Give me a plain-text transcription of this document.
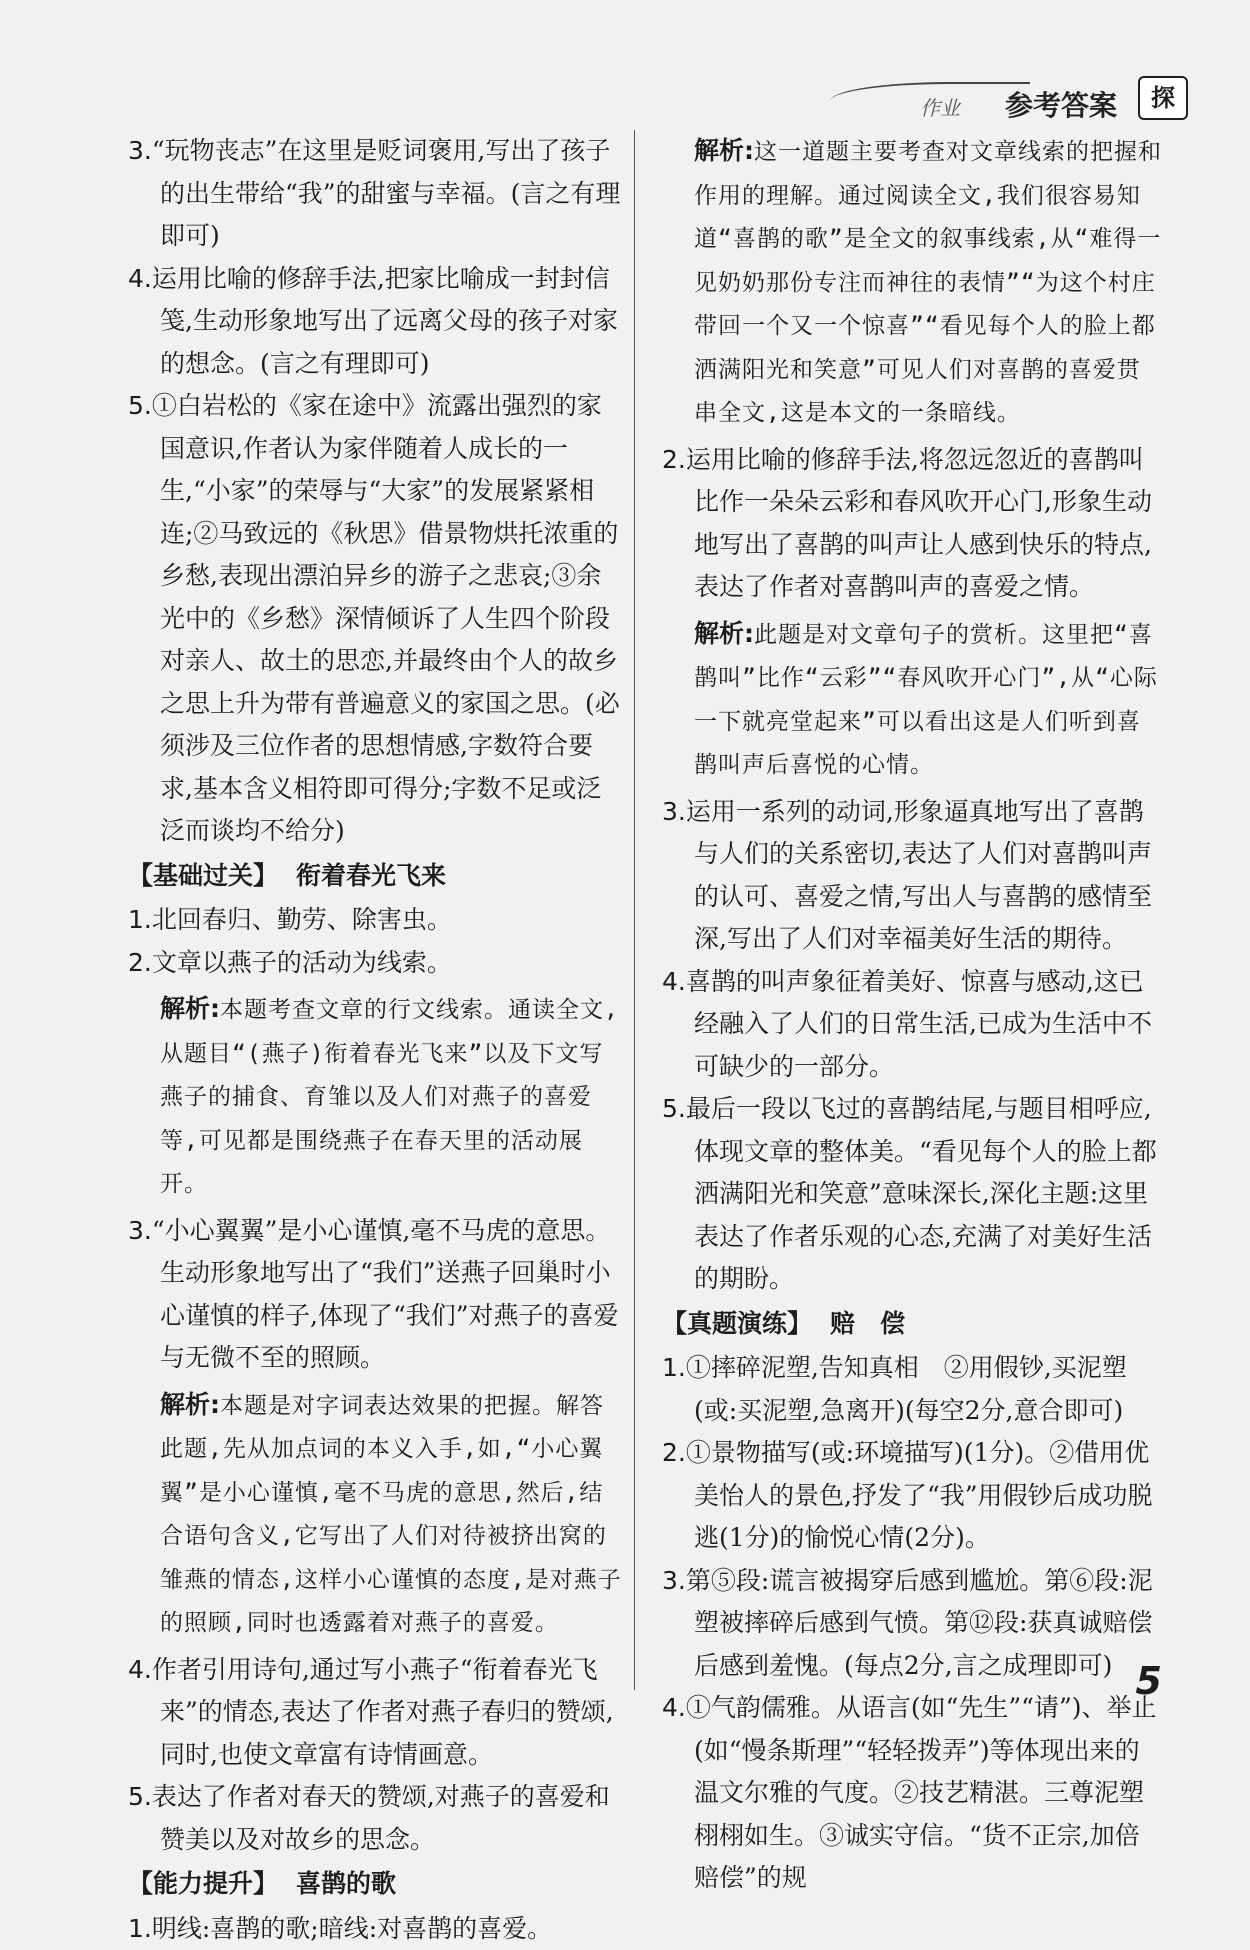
作业 参考答案	探

3.“玩物丧志”在这里是贬词褒用,写出了孩子的出生带给“我”的甜蜜与幸福。(言之有理即可)

4.运用比喻的修辞手法,把家比喻成一封封信笺,生动形象地写出了远离父母的孩子对家的想念。(言之有理即可)

5.①白岩松的《家在途中》流露出强烈的家国意识,作者认为家伴随着人成长的一生,“小家”的荣辱与“大家”的发展紧紧相连;②马致远的《秋思》借景物烘托浓重的乡愁,表现出漂泊异乡的游子之悲哀;③余光中的《乡愁》深情倾诉了人生四个阶段对亲人、故土的思恋,并最终由个人的故乡之思上升为带有普遍意义的家国之思。(必须涉及三位作者的思想情感,字数符合要求,基本含义相符即可得分;字数不足或泛泛而谈均不给分)

【基础过关】 衔着春光飞来

1.北回春归、勤劳、除害虫。

2.文章以燕子的活动为线索。

解析:本题考查文章的行文线索。通读全文,从题目“(燕子)衔着春光飞来”以及下文写燕子的捕食、育雏以及人们对燕子的喜爱等,可见都是围绕燕子在春天里的活动展开。

3.“小心翼翼”是小心谨慎,毫不马虎的意思。生动形象地写出了“我们”送燕子回巢时小心谨慎的样子,体现了“我们”对燕子的喜爱与无微不至的照顾。

解析:本题是对字词表达效果的把握。解答此题,先从加点词的本义入手,如,“小心翼翼”是小心谨慎,毫不马虎的意思,然后,结合语句含义,它写出了人们对待被挤出窝的雏燕的情态,这样小心谨慎的态度,是对燕子的照顾,同时也透露着对燕子的喜爱。

4.作者引用诗句,通过写小燕子“衔着春光飞来”的情态,表达了作者对燕子春归的赞颂,同时,也使文章富有诗情画意。

5.表达了作者对春天的赞颂,对燕子的喜爱和赞美以及对故乡的思念。

【能力提升】 喜鹊的歌

1.明线:喜鹊的歌;暗线:对喜鹊的喜爱。

解析:这一道题主要考查对文章线索的把握和作用的理解。通过阅读全文,我们很容易知道“喜鹊的歌”是全文的叙事线索,从“难得一见奶奶那份专注而神往的表情”“为这个村庄带回一个又一个惊喜”“看见每个人的脸上都洒满阳光和笑意”可见人们对喜鹊的喜爱贯串全文,这是本文的一条暗线。

2.运用比喻的修辞手法,将忽远忽近的喜鹊叫比作一朵朵云彩和春风吹开心门,形象生动地写出了喜鹊的叫声让人感到快乐的特点,表达了作者对喜鹊叫声的喜爱之情。

解析:此题是对文章句子的赏析。这里把“喜鹊叫”比作“云彩”“春风吹开心门”,从“心际一下就亮堂起来”可以看出这是人们听到喜鹊叫声后喜悦的心情。

3.运用一系列的动词,形象逼真地写出了喜鹊与人们的关系密切,表达了人们对喜鹊叫声的认可、喜爱之情,写出人与喜鹊的感情至深,写出了人们对幸福美好生活的期待。

4.喜鹊的叫声象征着美好、惊喜与感动,这已经融入了人们的日常生活,已成为生活中不可缺少的一部分。

5.最后一段以飞过的喜鹊结尾,与题目相呼应,体现文章的整体美。“看见每个人的脸上都洒满阳光和笑意”意味深长,深化主题:这里表达了作者乐观的心态,充满了对美好生活的期盼。

【真题演练】 赔　偿

1.①摔碎泥塑,告知真相　②用假钞,买泥塑(或:买泥塑,急离开)(每空2分,意合即可)

2.①景物描写(或:环境描写)(1分)。②借用优美怡人的景色,抒发了“我”用假钞后成功脱逃(1分)的愉悦心情(2分)。

3.第⑤段:谎言被揭穿后感到尴尬。第⑥段:泥塑被摔碎后感到气愤。第⑫段:获真诚赔偿后感到羞愧。(每点2分,言之成理即可)

4.①气韵儒雅。从语言(如“先生”“请”)、举止(如“慢条斯理”“轻轻拨弄”)等体现出来的温文尔雅的气度。②技艺精湛。三尊泥塑栩栩如生。③诚实守信。“货不正宗,加倍赔偿”的规

5
